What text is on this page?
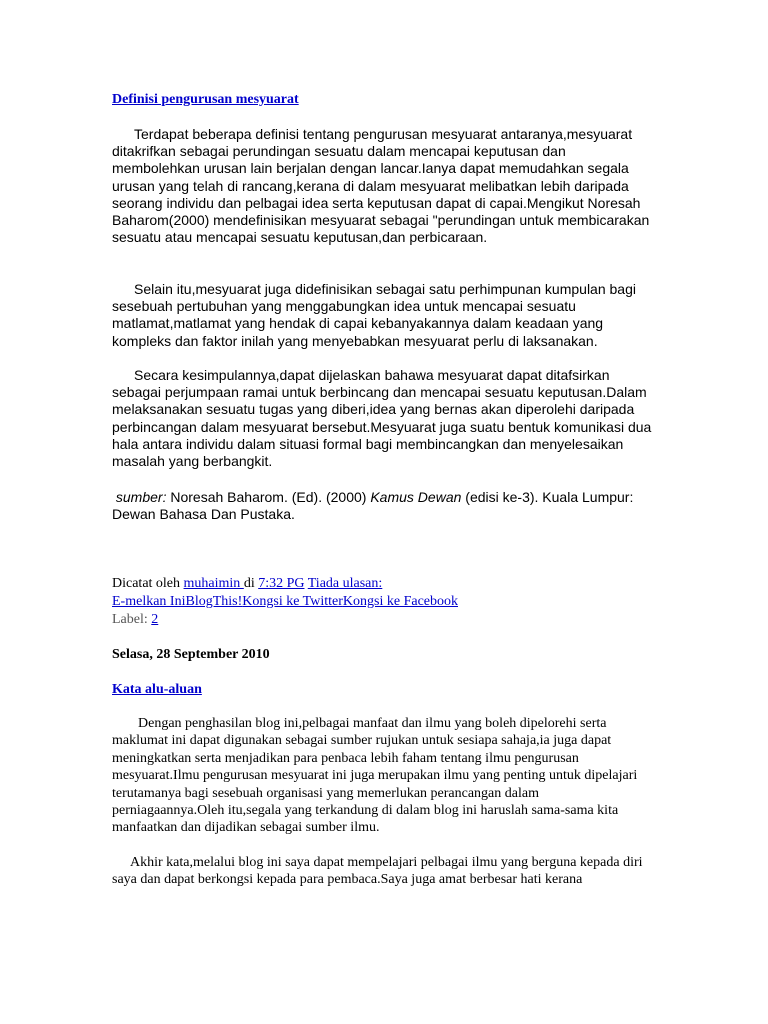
Definisi pengurusan mesyuarat

Terdapat beberapa definisi tentang pengurusan mesyuarat antaranya,mesyuarat ditakrifkan sebagai perundingan sesuatu dalam mencapai keputusan dan membolehkan urusan lain berjalan dengan lancar.Ianya dapat memudahkan segala urusan yang telah di rancang,kerana di dalam mesyuarat melibatkan lebih daripada seorang individu dan pelbagai idea serta keputusan dapat di capai.Mengikut Noresah Baharom(2000) mendefinisikan mesyuarat sebagai "perundingan untuk membicarakan sesuatu atau mencapai sesuatu keputusan,dan perbicaraan.

Selain itu,mesyuarat juga didefinisikan sebagai satu perhimpunan kumpulan bagi sesebuah pertubuhan yang menggabungkan idea untuk mencapai sesuatu matlamat,matlamat yang hendak di capai kebanyakannya dalam keadaan yang kompleks dan faktor inilah yang menyebabkan mesyuarat perlu di laksanakan.

Secara kesimpulannya,dapat dijelaskan bahawa mesyuarat dapat ditafsirkan sebagai perjumpaan ramai untuk berbincang dan mencapai sesuatu keputusan.Dalam melaksanakan sesuatu tugas yang diberi,idea yang bernas akan diperolehi daripada perbincangan dalam mesyuarat bersebut.Mesyuarat juga suatu bentuk komunikasi dua hala antara individu dalam situasi formal bagi membincangkan dan menyelesaikan masalah yang berbangkit.

sumber: Noresah Baharom. (Ed). (2000) Kamus Dewan (edisi ke-3). Kuala Lumpur:

Dewan Bahasa Dan Pustaka.

Dicatat oleh muhaimin di 7:32 PG Tiada ulasan:

E-melkan IniBlogThis!Kongsi ke TwitterKongsi ke Facebook

Label: 2

Selasa, 28 September 2010
Kata alu-aluan

Dengan penghasilan blog ini,pelbagai manfaat dan ilmu yang boleh dipelorehi serta maklumat ini dapat digunakan sebagai sumber rujukan untuk sesiapa sahaja,ia juga dapat meningkatkan serta menjadikan para penbaca lebih faham tentang ilmu pengurusan mesyuarat.Ilmu pengurusan mesyuarat ini juga merupakan ilmu yang penting untuk dipelajari terutamanya bagi sesebuah organisasi yang memerlukan perancangan dalam perniagaannya.Oleh itu,segala yang terkandung di dalam blog ini haruslah sama-sama kita manfaatkan dan dijadikan sebagai sumber ilmu.

Akhir kata,melalui blog ini saya dapat mempelajari pelbagai ilmu yang berguna kepada diri saya dan dapat berkongsi kepada para pembaca.Saya juga amat berbesar hati kerana
